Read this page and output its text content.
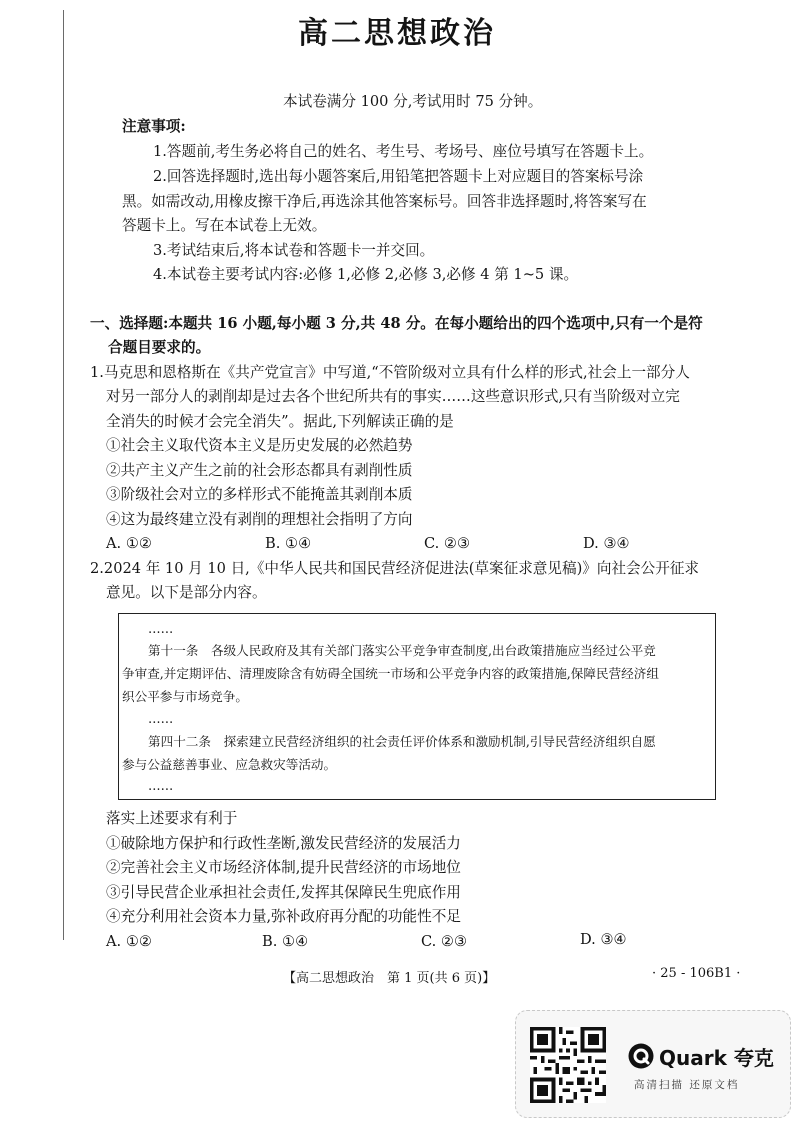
高二思想政治
本试卷满分 100 分,考试用时 75 分钟。
注意事项:
1.答题前,考生务必将自己的姓名、考生号、考场号、座位号填写在答题卡上。
2.回答选择题时,选出每小题答案后,用铅笔把答题卡上对应题目的答案标号涂
黑。如需改动,用橡皮擦干净后,再选涂其他答案标号。回答非选择题时,将答案写在
答题卡上。写在本试卷上无效。
3.考试结束后,将本试卷和答题卡一并交回。
4.本试卷主要考试内容:必修 1,必修 2,必修 3,必修 4 第 1~5 课。
一、选择题:本题共 16 小题,每小题 3 分,共 48 分。在每小题给出的四个选项中,只有一个是符
合题目要求的。
1.马克思和恩格斯在《共产党宣言》中写道,“不管阶级对立具有什么样的形式,社会上一部分人
对另一部分人的剥削却是过去各个世纪所共有的事实……这些意识形式,只有当阶级对立完
全消失的时候才会完全消失”。据此,下列解读正确的是
①社会主义取代资本主义是历史发展的必然趋势
②共产主义产生之前的社会形态都具有剥削性质
③阶级社会对立的多样形式不能掩盖其剥削本质
④这为最终建立没有剥削的理想社会指明了方向
A. ①②	B. ①④	C. ②③	D. ③④
2.2024 年 10 月 10 日,《中华人民共和国民营经济促进法(草案征求意见稿)》向社会公开征求
意见。以下是部分内容。
……
第十一条　各级人民政府及其有关部门落实公平竞争审查制度,出台政策措施应当经过公平竞
争审查,并定期评估、清理废除含有妨碍全国统一市场和公平竞争内容的政策措施,保障民营经济组
织公平参与市场竞争。
……
第四十二条　探索建立民营经济组织的社会责任评价体系和激励机制,引导民营经济组织自愿
参与公益慈善事业、应急救灾等活动。
……
落实上述要求有利于
①破除地方保护和行政性垄断,激发民营经济的发展活力
②完善社会主义市场经济体制,提升民营经济的市场地位
③引导民营企业承担社会责任,发挥其保障民生兜底作用
④充分利用社会资本力量,弥补政府再分配的功能性不足
A. ①②	B. ①④	C. ②③	D. ③④
【高二思想政治　第 1 页(共 6 页)】	· 25 - 106B1 ·
Quark 夸克
高清扫描 还原文档
